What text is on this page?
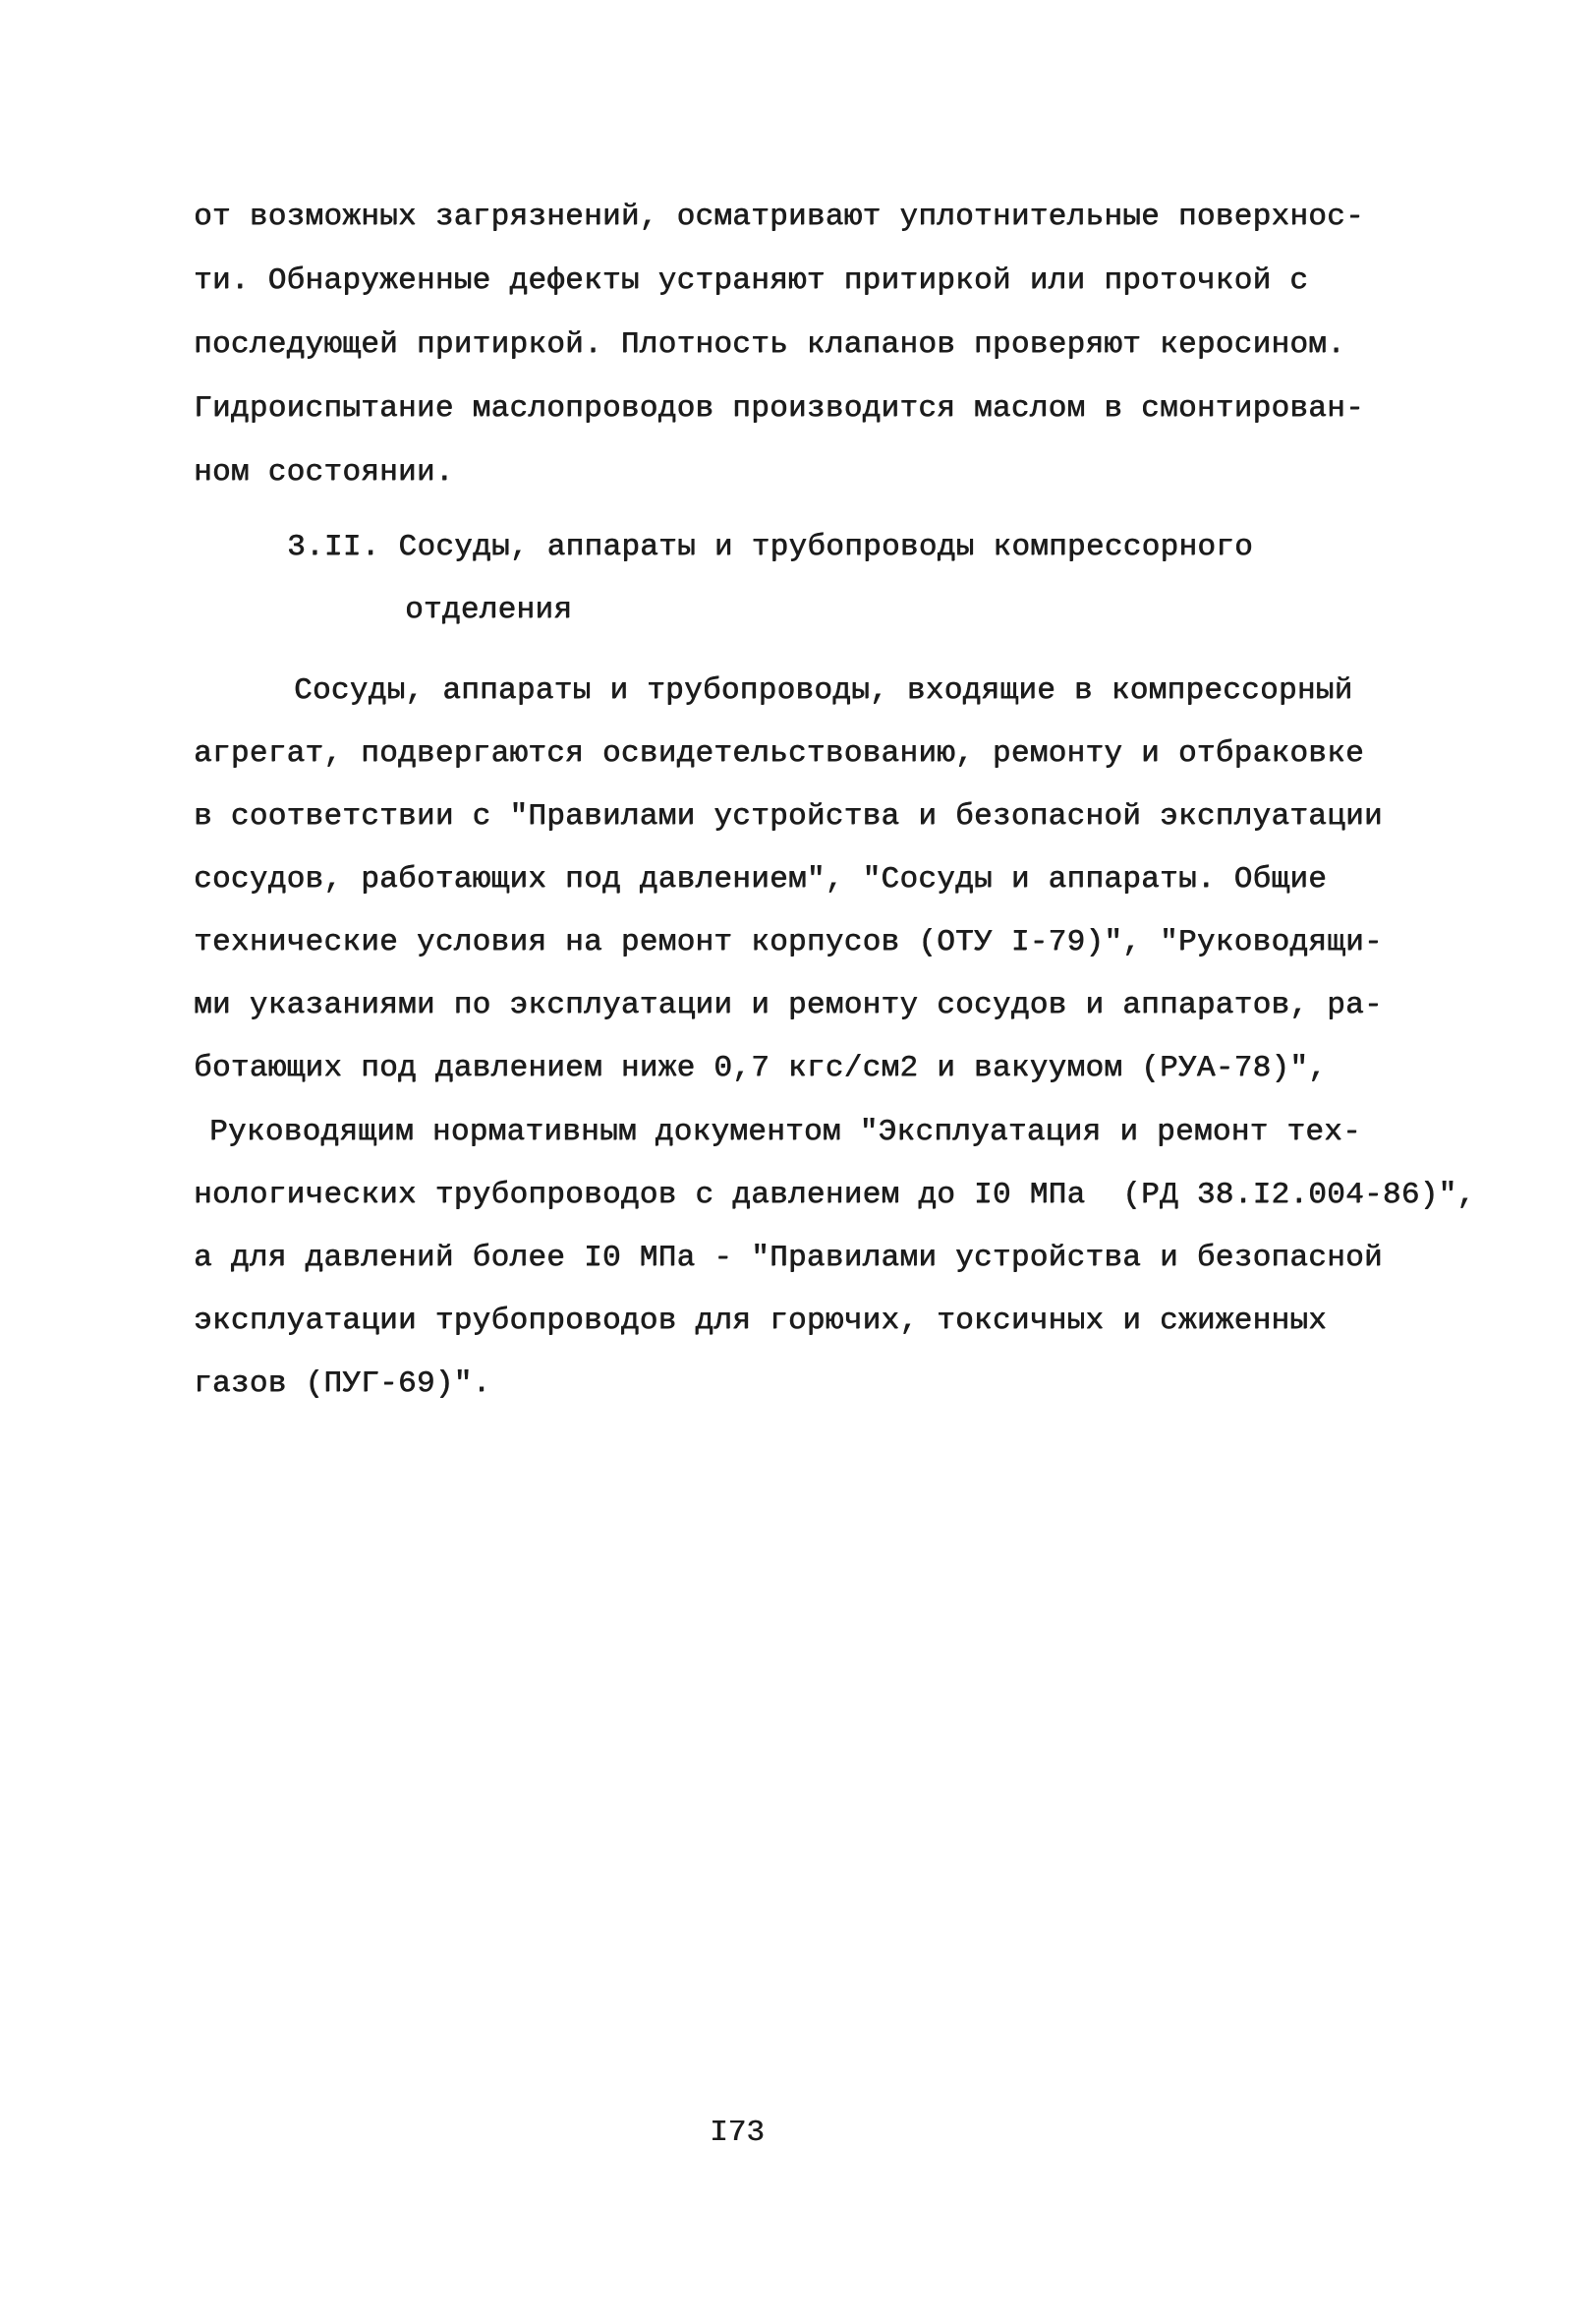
от возможных загрязнений, осматривают уплотнительные поверхнос-
ти. Обнаруженные дефекты устраняют притиркой или проточкой с
последующей притиркой. Плотность клапанов проверяют керосином.
Гидроиспытание маслопроводов производится маслом в смонтирован-
ном состоянии.
3.II. Сосуды, аппараты и трубопроводы компрессорного
отделения
Сосуды, аппараты и трубопроводы, входящие в компрессорный
агрегат, подвергаются освидетельствованию, ремонту и отбраковке
в соответствии с "Правилами устройства и безопасной эксплуатации
сосудов, работающих под давлением", "Сосуды и аппараты. Общие
технические условия на ремонт корпусов (ОТУ I-79)", "Руководящи-
ми указаниями по эксплуатации и ремонту сосудов и аппаратов, ра-
ботающих под давлением ниже 0,7 кгс/см2 и вакуумом (РУА-78)",
Руководящим нормативным документом "Эксплуатация и ремонт тех-
нологических трубопроводов с давлением до I0 МПа  (РД 38.I2.004-86)",
а для давлений более I0 МПа - "Правилами устройства и безопасной
эксплуатации трубопроводов для горючих, токсичных и сжиженных
газов (ПУГ-69)".
I73
